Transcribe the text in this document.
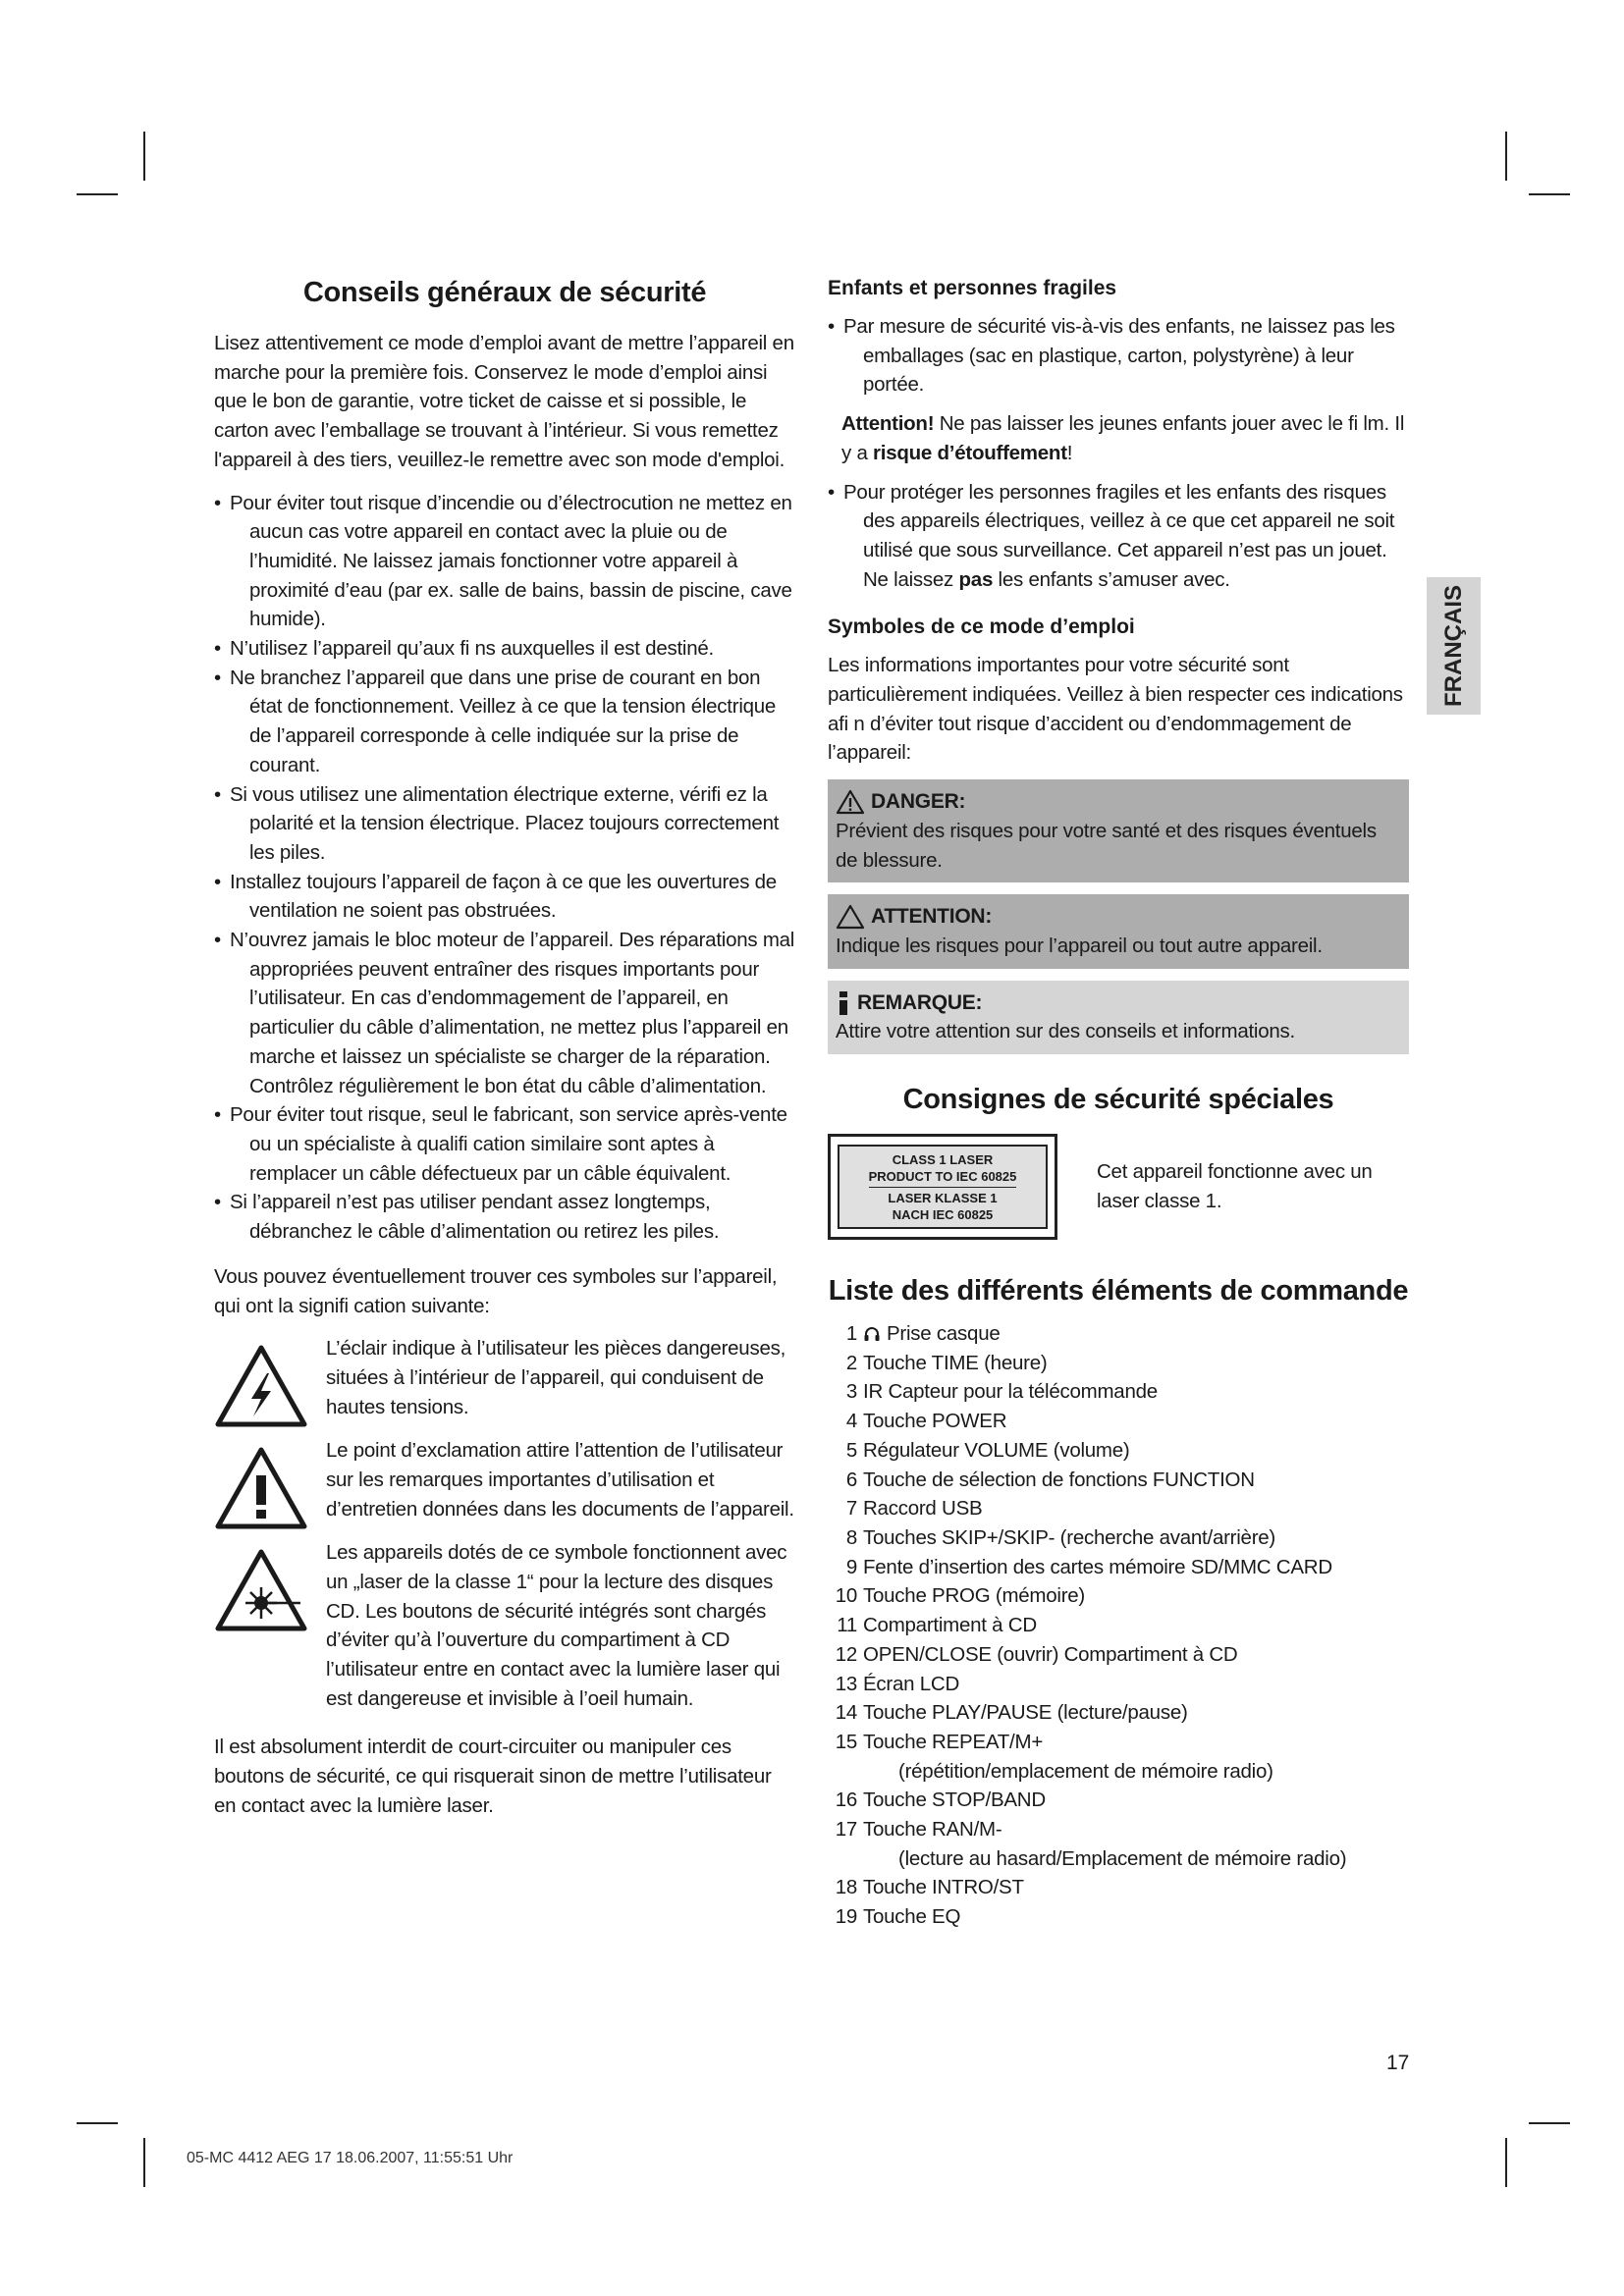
Conseils généraux de sécurité

Lisez attentivement ce mode d’emploi avant de mettre l’appareil en marche pour la première fois. Conservez le mode d’emploi ainsi que le bon de garantie, votre ticket de caisse et si possible, le carton avec l’emballage se trouvant à l’intérieur. Si vous remettez l'appareil à des tiers, veuillez-le remettre avec son mode d'emploi.

• Pour éviter tout risque d’incendie ou d’électrocution ne mettez en aucun cas votre appareil en contact avec la pluie ou de l’humidité. Ne laissez jamais fonctionner votre appareil à proximité d’eau (par ex. salle de bains, bassin de piscine, cave humide).
• N’utilisez l’appareil qu’aux fi ns auxquelles il est destiné.
• Ne branchez l’appareil que dans une prise de courant en bon état de fonctionnement. Veillez à ce que la tension électrique de l’appareil corresponde à celle indiquée sur la prise de courant.
• Si vous utilisez une alimentation électrique externe, vérifi ez la polarité et la tension électrique. Placez toujours correctement les piles.
• Installez toujours l’appareil de façon à ce que les ouvertures de ventilation ne soient pas obstruées.
• N’ouvrez jamais le bloc moteur de l’appareil. Des réparations mal appropriées peuvent entraîner des risques importants pour l’utilisateur. En cas d’endommagement de l’appareil, en particulier du câble d’alimentation, ne mettez plus l’appareil en marche et laissez un spécialiste se charger de la réparation. Contrôlez régulièrement le bon état du câble d’alimentation.
• Pour éviter tout risque, seul le fabricant, son service après-vente ou un spécialiste à qualifi cation similaire sont aptes à remplacer un câble défectueux par un câble équivalent.
• Si l’appareil n’est pas utiliser pendant assez longtemps, débranchez le câble d’alimentation ou retirez les piles.

Vous pouvez éventuellement trouver ces symboles sur l’appareil, qui ont la signifi cation suivante:

L’éclair indique à l’utilisateur les pièces dangereuses, situées à l’intérieur de l’appareil, qui conduisent de hautes tensions.

Le point d’exclamation attire l’attention de l’utilisateur sur les remarques importantes d’utilisation et d’entretien données dans les documents de l’appareil.

Les appareils dotés de ce symbole fonctionnent avec un „laser de la classe 1“ pour la lecture des disques CD. Les boutons de sécurité intégrés sont chargés d’éviter qu’à l’ouverture du compartiment à CD l’utilisateur entre en contact avec la lumière laser qui est dangereuse et invisible à l’oeil humain.

Il est absolument interdit de court-circuiter ou manipuler ces boutons de sécurité, ce qui risquerait sinon de mettre l’utilisateur en contact avec la lumière laser.

Enfants et personnes fragiles
• Par mesure de sécurité vis-à-vis des enfants, ne laissez pas les emballages (sac en plastique, carton, polystyrène) à leur portée.

Attention! Ne pas laisser les jeunes enfants jouer avec le fi lm. Il y a risque d’étouffement!

• Pour protéger les personnes fragiles et les enfants des risques des appareils électriques, veillez à ce que cet appareil ne soit utilisé que sous surveillance. Cet appareil n’est pas un jouet. Ne laissez pas les enfants s’amuser avec.
Symboles de ce mode d’emploi

Les informations importantes pour votre sécurité sont particulièrement indiquées. Veillez à bien respecter ces indications afi n d’éviter tout risque d’accident ou d’endommagement de l’appareil:

DANGER:

Prévient des risques pour votre santé et des risques éventuels de blessure.

ATTENTION:

Indique les risques pour l’appareil ou tout autre appareil.

REMARQUE:

Attire votre attention sur des conseils et informations.

Consignes de sécurité spéciales
CLASS 1 LASER
PRODUCT TO IEC 60825
LASER KLASSE 1
NACH IEC 60825

Cet appareil fonctionne avec un laser classe 1.

Liste des différents éléments de commande
1 Prise casque
2 Touche TIME (heure)
3 IR Capteur pour la télécommande
4 Touche POWER
5 Régulateur VOLUME (volume)
6 Touche de sélection de fonctions FUNCTION
7 Raccord USB
8 Touches SKIP+/SKIP- (recherche avant/arrière)
9 Fente d’insertion des cartes mémoire SD/MMC CARD
10 Touche PROG (mémoire)
11 Compartiment à CD
12 OPEN/CLOSE (ouvrir) Compartiment à CD
13 Écran LCD
14 Touche PLAY/PAUSE (lecture/pause)
15 Touche REPEAT/M+
(répétition/emplacement de mémoire radio)
16 Touche STOP/BAND
17 Touche RAN/M-
(lecture au hasard/Emplacement de mémoire radio)
18 Touche INTRO/ST
19 Touche EQ
FRANÇAIS
17
05-MC 4412 AEG 17 18.06.2007, 11:55:51 Uhr
